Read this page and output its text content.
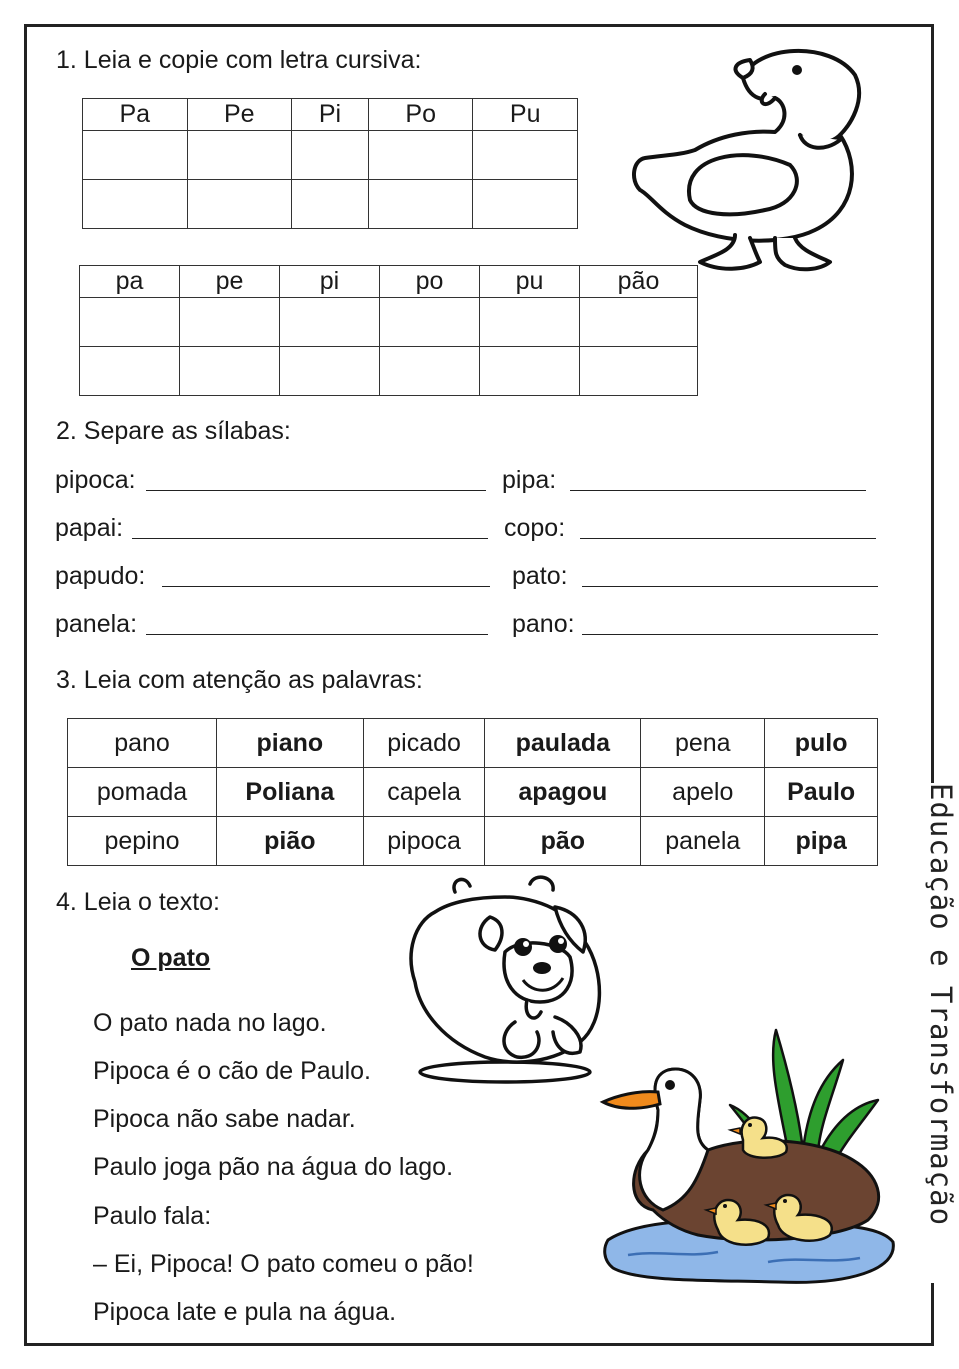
1. Leia e copie com letra cursiva:
Pa	Pe	Pi	Po	Pu

pa	pe	pi	po	pu	pão

2. Separe as sílabas:
pipoca:	pipa:
papai:	copo:
papudo:	pato:
panela:	pano:
3. Leia com atenção as palavras:
pano	piano	picado	paulada	pena	pulo
pomada	Poliana	capela	apagou	apelo	Paulo
pepino	pião	pipoca	pão	panela	pipa
4. Leia o texto:
O pato
O pato nada no lago.
Pipoca é o cão de Paulo.
Pipoca não sabe nadar.
Paulo joga pão na água do lago.
Paulo fala:
– Ei, Pipoca! O pato comeu o pão!
Pipoca late e pula na água.
Educação e Transformação
